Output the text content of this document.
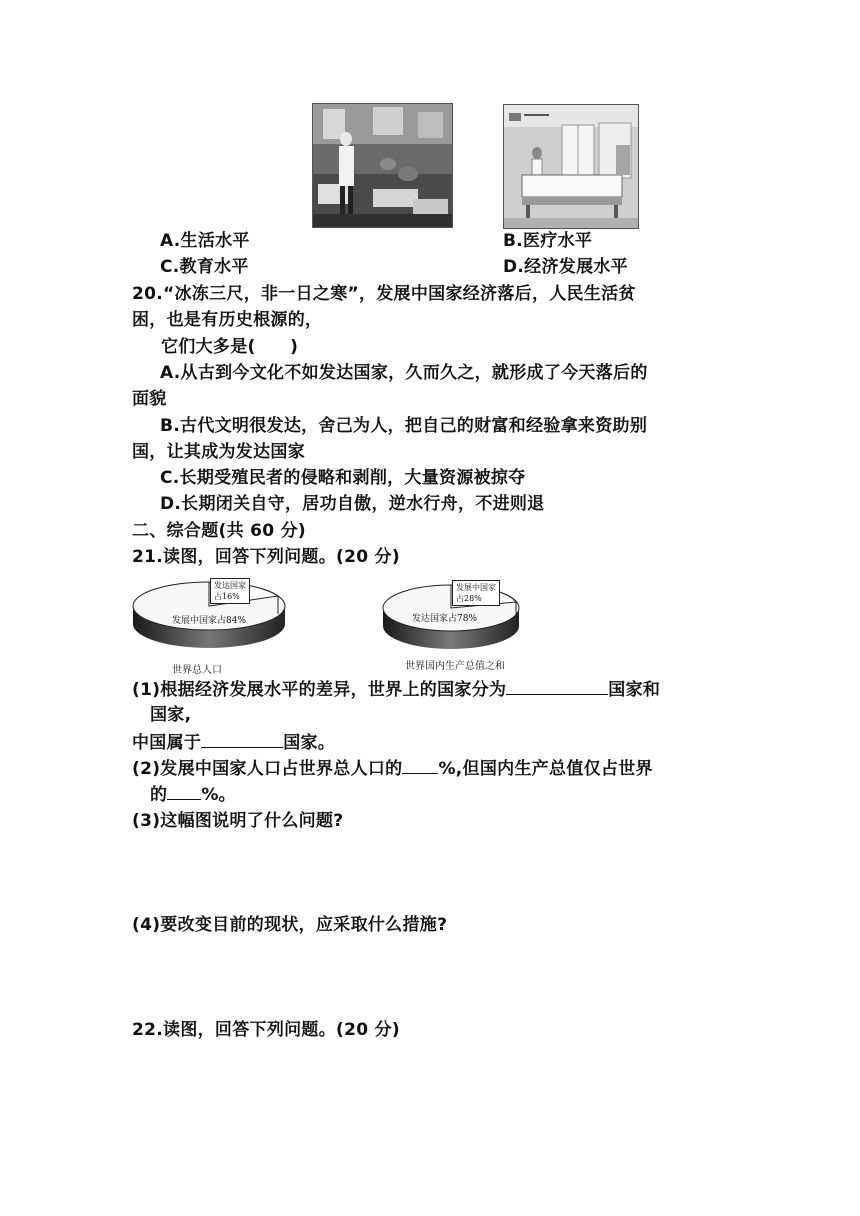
A.生活水平	B.医疗水平
C.教育水平	D.经济发展水平
20.“冰冻三尺，非一日之寒”，发展中国家经济落后，人民生活贫
困，也是有历史根源的，
它们大多是(　　)
A.从古到今文化不如发达国家，久而久之，就形成了今天落后的
面貌
B.古代文明很发达，舍己为人，把自己的财富和经验拿来资助别
国，让其成为发达国家
C.长期受殖民者的侵略和剥削，大量资源被掠夺
D.长期闭关自守，居功自傲，逆水行舟，不进则退
二、综合题(共 60 分)
21.读图，回答下列问题。(20 分)
发达国家
占16%
发展中国家占84%
世界总人口
发展中国家
占28%
发达国家占78%
世界国内生产总值之和
(1)根据经济发展水平的差异，世界上的国家分为	国家和
国家,
中国属于	国家。
(2)发展中国家人口占世界总人口的 %,但国内生产总值仅占世界
的 %。
(3)这幅图说明了什么问题?
(4)要改变目前的现状，应采取什么措施?
22.读图，回答下列问题。(20 分)
